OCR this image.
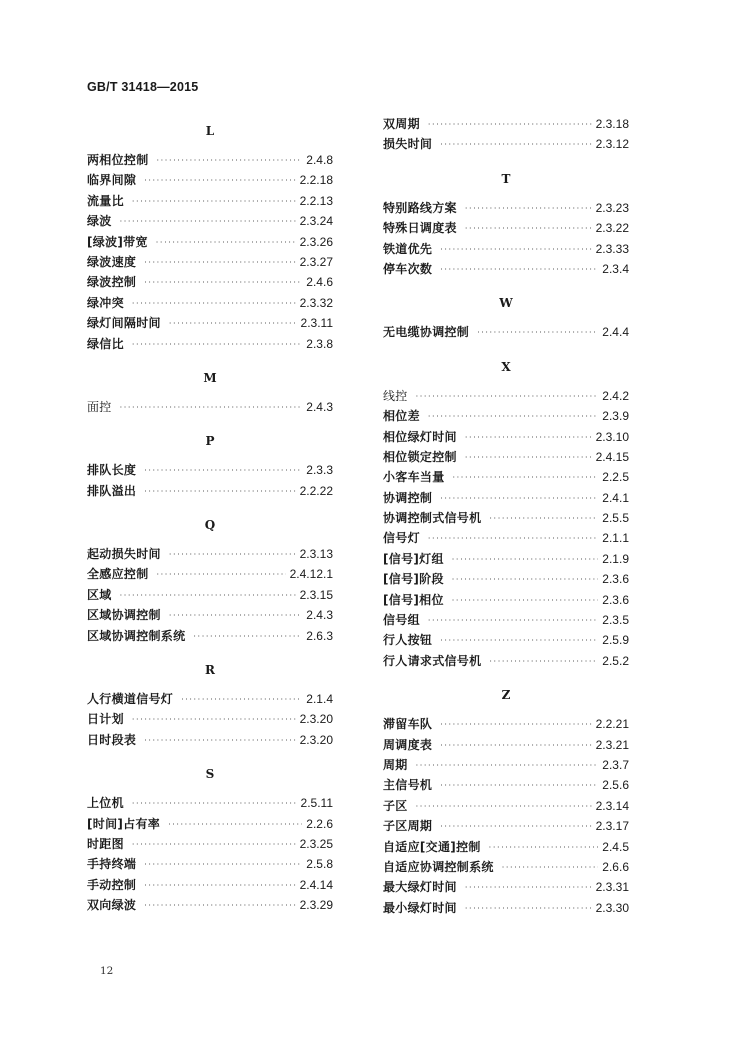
GB/T 31418—2015
L
两相位控制 ·····	2.4.8
临界间隙 ·····	2.2.18
流量比 ·····	2.2.13
绿波 ·····	2.3.24
[绿波]带宽 ·····	2.3.26
绿波速度 ·····	2.3.27
绿波控制 ·····	2.4.6
绿冲突 ·····	2.3.32
绿灯间隔时间 ·····	2.3.11
绿信比 ·····	2.3.8
M
面控 ·····	2.4.3
P
排队长度 ·····	2.3.3
排队溢出 ·····	2.2.22
Q
起动损失时间 ·····	2.3.13
全感应控制 ·····	2.4.12.1
区域 ·····	2.3.15
区域协调控制 ·····	2.4.3
区域协调控制系统 ·····	2.6.3
R
人行横道信号灯 ·····	2.1.4
日计划 ·····	2.3.20
日时段表 ·····	2.3.20
S
上位机 ·····	2.5.11
[时间]占有率 ·····	2.2.6
时距图 ·····	2.3.25
手持终端 ·····	2.5.8
手动控制 ·····	2.4.14
双向绿波 ·····	2.3.29
双周期 ·····	2.3.18
损失时间 ·····	2.3.12
T
特别路线方案 ·····	2.3.23
特殊日调度表 ·····	2.3.22
铁道优先 ·····	2.3.33
停车次数 ·····	2.3.4
W
无电缆协调控制 ·····	2.4.4
X
线控 ·····	2.4.2
相位差 ·····	2.3.9
相位绿灯时间 ·····	2.3.10
相位锁定控制 ·····	2.4.15
小客车当量 ·····	2.2.5
协调控制 ·····	2.4.1
协调控制式信号机 ·····	2.5.5
信号灯 ·····	2.1.1
[信号]灯组 ·····	2.1.9
[信号]阶段 ·····	2.3.6
[信号]相位 ·····	2.3.6
信号组 ·····	2.3.5
行人按钮 ·····	2.5.9
行人请求式信号机 ·····	2.5.2
Z
滞留车队 ·····	2.2.21
周调度表 ·····	2.3.21
周期 ·····	2.3.7
主信号机 ·····	2.5.6
子区 ·····	2.3.14
子区周期 ·····	2.3.17
自适应[交通]控制 ·····	2.4.5
自适应协调控制系统 ·····	2.6.6
最大绿灯时间 ·····	2.3.31
最小绿灯时间 ·····	2.3.30
12
